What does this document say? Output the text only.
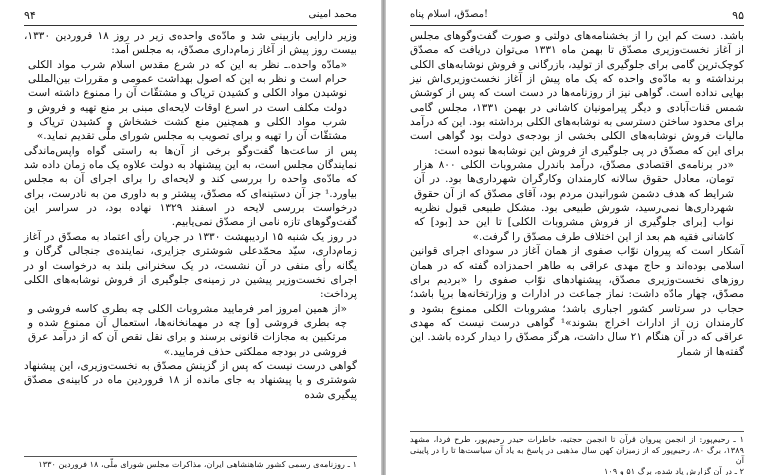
۹۴	محمد امینی

وزیر دارایی بازبینی شد و مادّه‌ی واحده‌ی زیر در روز ۱۸ فروردین ۱۳۳۰، بیست روز پیش از آغاز زمام‌داری مصدّق، به مجلس آمد:

«مادّه واحده.ـ نظر به این که در شرع مقدس اسلام شرب مواد الکلی حرام است و نظر به این که اصول بهداشت عمومی و مقررات بین‌المللی نوشیدن مواد الکلی و کشیدن تریاک و مشتقّات آن را ممنوع داشته است دولت مکلف است در اسرع اوقات لایحه‌ای مبنی بر منع تهیه و فروش و شرب مواد الکلی و همچنین منع کشت خشخاش و کشیدن تریاک و مشتقّات آن را تهیه و برای تصویب به مجلس شورای ملّی تقدیم نماید.»

پس از ساعت‌ها گفت‌وگو برخی از آن‌ها به راستی گواه واپس‌ماندگی نمایندگان مجلس است، به این پیشنهاد به دولت علاوه یک ماه زمان داده شد که مادّه‌ی واحده را بررسی کند و لایحه‌ای را برای اجرای آن به مجلس بیاورد.¹ جز آن دستینه‌ای که مصدّق، پیشتر و به داوری من به نادرست، برای درخواست بررسی لایحه در اسفند ۱۳۲۹ نهاده بود، در سراسر این گفت‌وگوهای تازه نامی از مصدّق نمی‌یابیم.

در روز یک شنبه ۱۵ اردیبهشت ۱۳۳۰ در جریان رأی اعتماد به مصدّق در آغاز زمام‌داری، سیّد محمّدعلی شوشتری جزایری، نماینده‌ی جنجالی گرگان و یگانه رأی منفی در آن نشست، در یک سخنرانی بلند به درخواست او در اجرای نخست‌وزیر پیشین در زمینه‌ی جلوگیری از فروش نوشابه‌های الکلی پرداخت:

«از همین امروز امر فرمایید مشروبات الکلی چه بطری کاسه فروشی و چه بطری فروشی [و] چه در مهمانخانه‌ها، استعمال آن ممنوع شده و مرتکبین به مجازات قانونی برسند و برای نقل نقص آن که از درآمد عرق فروشی در بودجه مملکتی حذف فرمایید.»

گواهی درست نیست که پس از گزینش مصدّق به نخست‌وزیری، این پیشنهاد شوشتری و یا پیشنهاد به جای مانده از ۱۸ فروردین ماه در کابینه‌ی مصدّق پیگیری شده

۱ ـ روزنامه‌ی رسمی کشور شاهنشاهی ایران، مذاکرات مجلس شورای ملّی، ۱۸ فروردین ۱۳۳۰
۹۵
مصدّق، اسلام پناه!

باشد. دست کم این را از بخشنامه‌های دولتی و صورت گفت‌وگوهای مجلس از آغاز نخست‌وزیری مصدّق تا بهمن ماه ۱۳۳۱ می‌توان دریافت که مصدّق کوچک‌ترین گامی برای جلوگیری از تولید، بازرگانی و فروش نوشابه‌های الکلی برنداشته و به مادّه‌ی واحده که یک ماه پیش از آغاز نخست‌وزیری‌اش نیز بهایی نداده است. گواهی نیز از روزنامه‌ها در دست است که پس از کوشش شمس قنات‌آبادی و دیگر پیرامونیان کاشانی در بهمن ۱۳۳۱، مجلس گامی برای محدود ساختن دسترسی به نوشابه‌های الکلی برداشته بود. این که درآمد مالیات فروش نوشابه‌های الکلی بخشی از بودجه‌ی دولت بود گواهی است برای این که مصدّق در پی جلوگیری از فروش این نوشابه‌ها نبوده است:

«در برنامه‌ی اقتصادی مصدّق، درآمد باندرل مشروبات الکلی ۸۰۰ هزار تومان، معادل حقوق سالانه کارمندان وکارگران شهرداری‌ها بود. در آن شرایط که هدف دشمن شورانیدن مردم بود، آقای مصدّق که از آن حقوق شهرداری‌ها نمی‌رسید، شورش طبیعی بود. مشکل طبیعی قبول نظریه نواب [برای جلوگیری از فروش مشروبات الکلی] تا این حد [بود] که کاشانی فقیه هم بعد از این اختلاف طرف مصدّق را گرفت.»

آشکار است که پیروان نوّاب صفوی از همان آغاز در سودای اجرای قوانین اسلامی بوده‌اند و حاج مهدی عراقی به طاهر احمدزاده گفته که در همان روزهای نخست‌وزیری مصدّق، پیشنهادهای نوّاب صفوی را «بردیم برای مصدّق، چهار مادّه داشت: نماز جماعت در ادارات و وزارتخانه‌ها برپا باشد؛ حجاب در سرتاسر کشور اجباری باشد؛ مشروبات الکلی ممنوع بشود و کارمندان زن از ادارات اخراج بشوند»¹ گواهی درست نیست که مهدی عراقی که در آن هنگام ۲۱ سال داشت، هرگز مصدّق را دیدار کرده باشد. این گفته‌ها از شمار

۱ ـ رحیم‌پور: از انجمن پیروان قرآن تا انجمن حجتیه، خاطرات حیدر رحیم‌پور، طرح فردا، مشهد ۱۳۸۹، برگ ۸۰، رحیم‌پور که از زمیزان کهن سال مذهبی در پاسخ به یاد آن سیاست‌ها تا را در پایینی آن
۲ ـ در آن گزارش یاد شده، برگ ۵۱ و ۱۰۹
